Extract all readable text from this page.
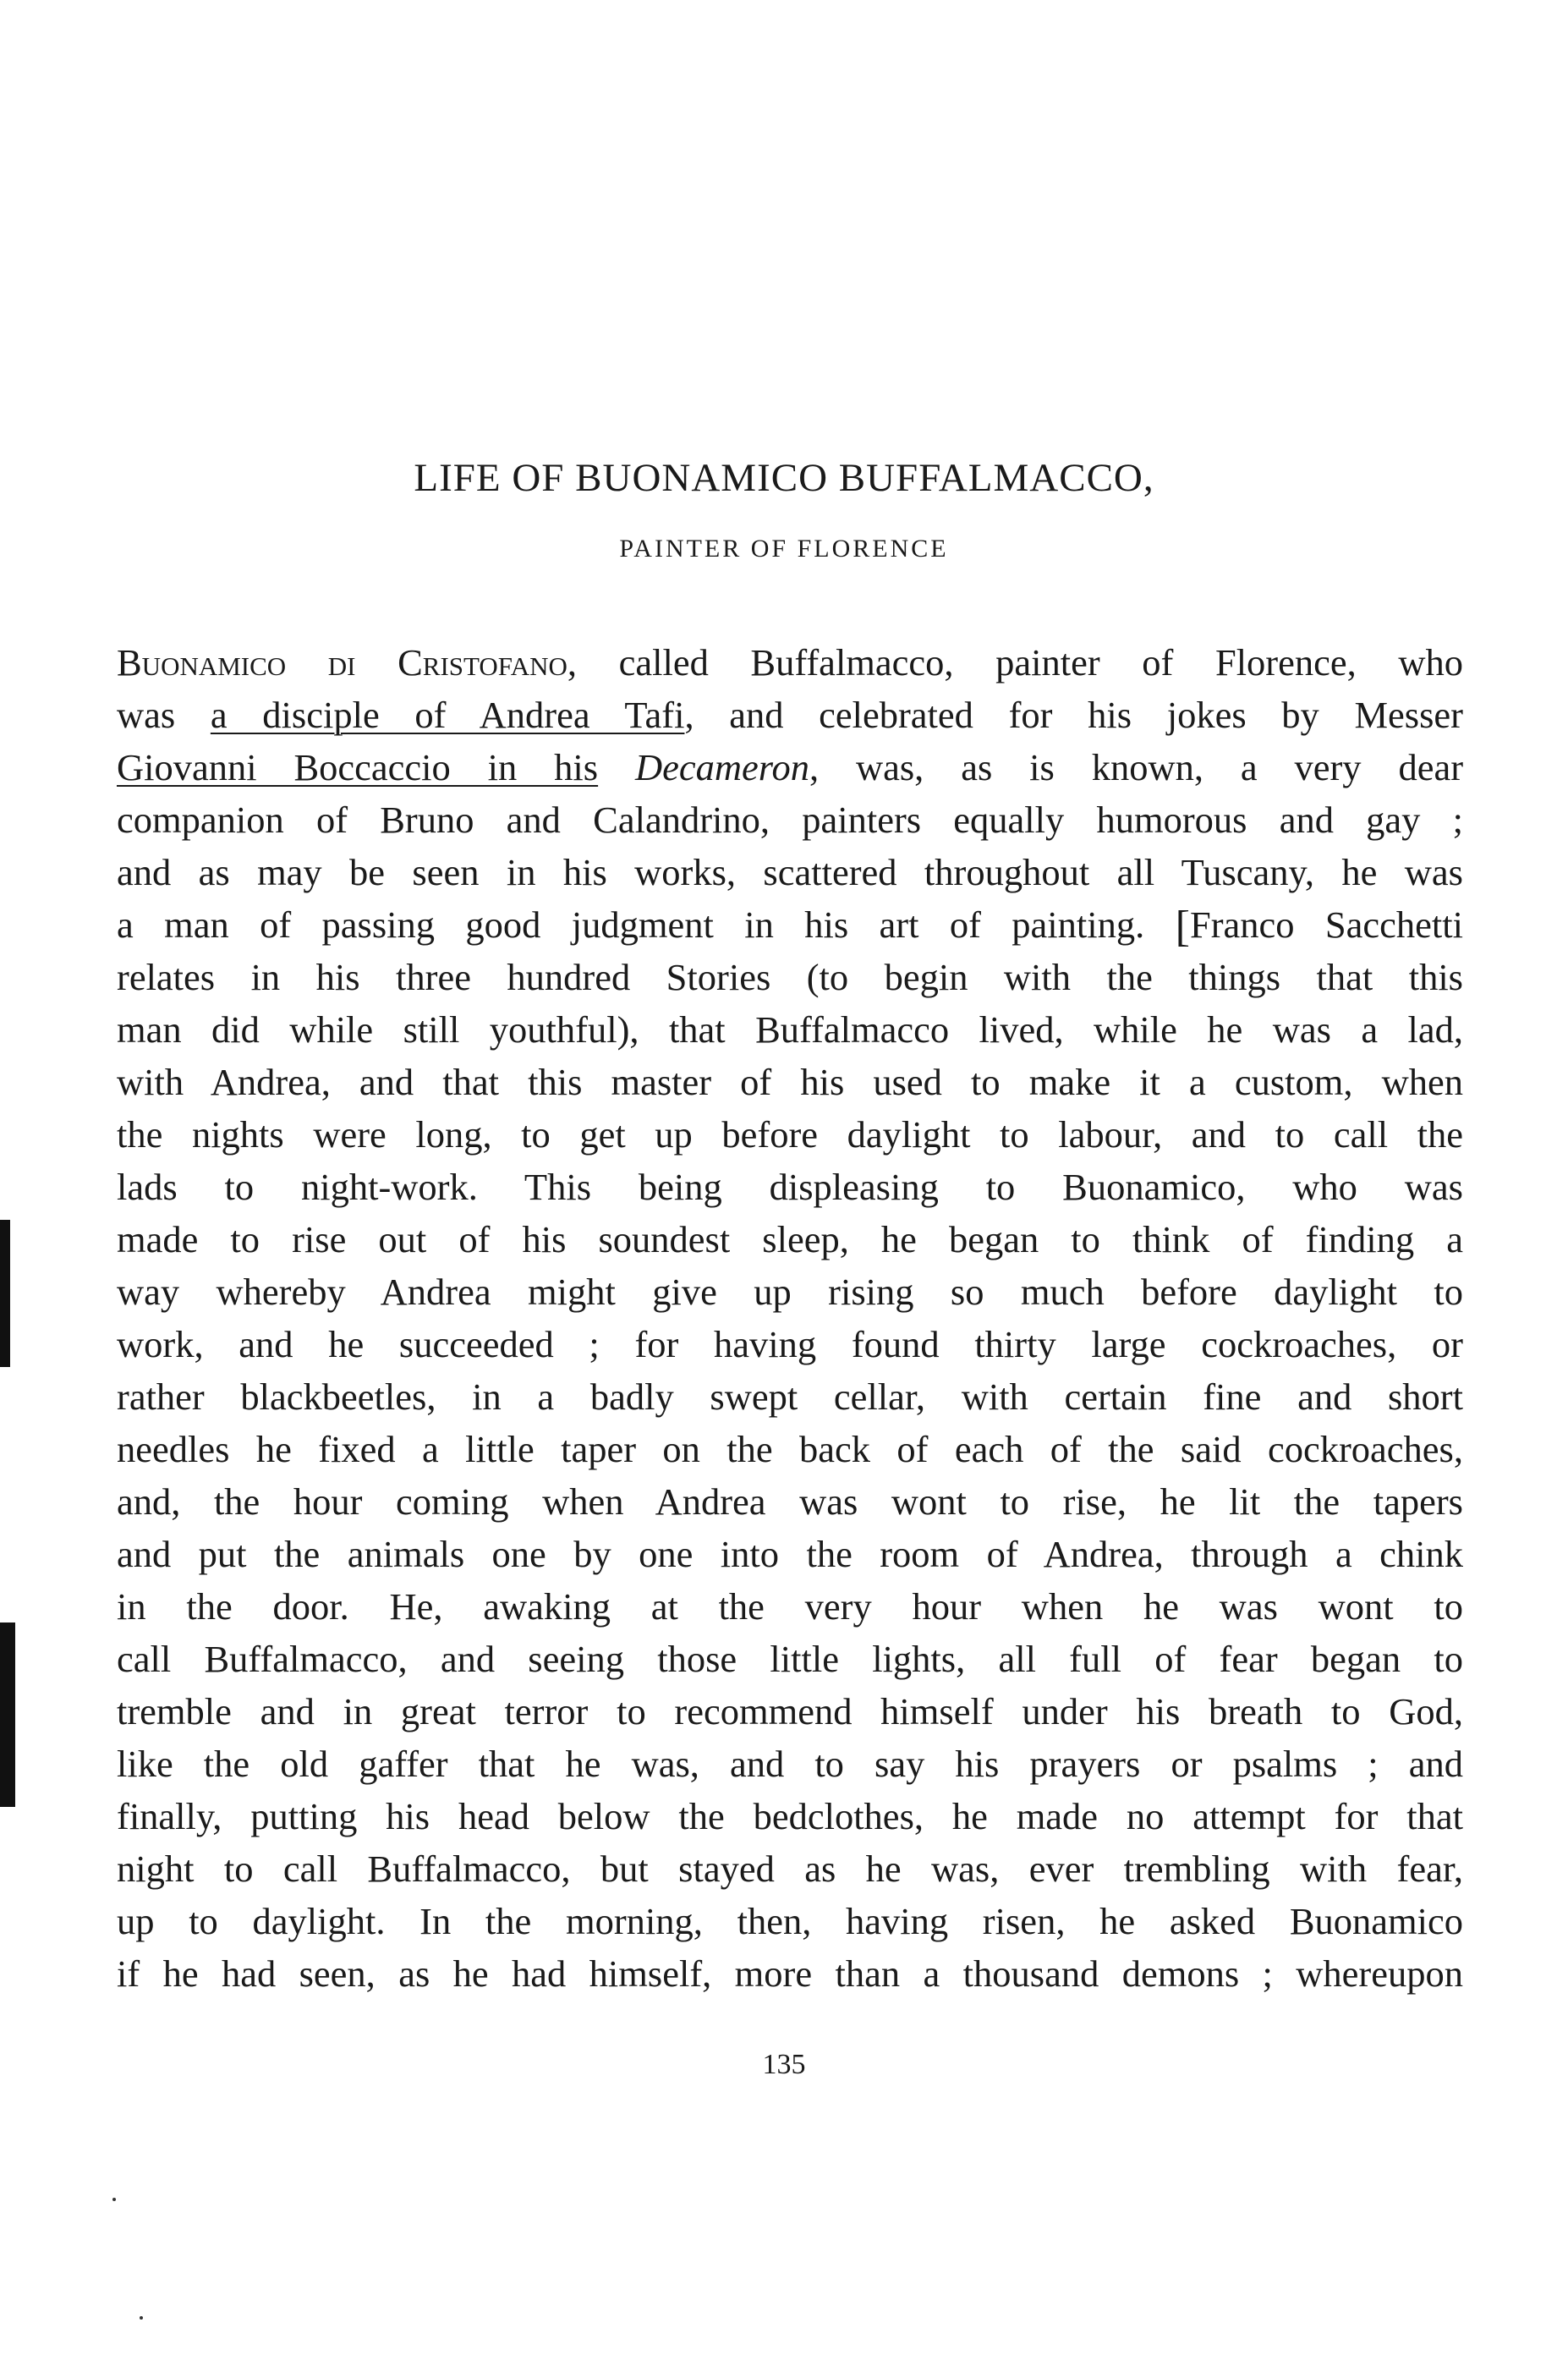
LIFE OF BUONAMICO BUFFALMACCO,
PAINTER OF FLORENCE
Buonamico di Cristofano, called Buffalmacco, painter of Florence, who
was a disciple of Andrea Tafi, and celebrated for his jokes by Messer
Giovanni Boccaccio in his Decameron, was, as is known, a very dear
companion of Bruno and Calandrino, painters equally humorous and gay ;
and as may be seen in his works, scattered throughout all Tuscany, he was
a man of passing good judgment in his art of painting. [Franco Sacchetti
relates in his three hundred Stories (to begin with the things that this
man did while still youthful), that Buffalmacco lived, while he was a lad,
with Andrea, and that this master of his used to make it a custom, when
the nights were long, to get up before daylight to labour, and to call the
lads to night-work. This being displeasing to Buonamico, who was
made to rise out of his soundest sleep, he began to think of finding a
way whereby Andrea might give up rising so much before daylight to
work, and he succeeded ; for having found thirty large cockroaches, or
rather blackbeetles, in a badly swept cellar, with certain fine and short
needles he fixed a little taper on the back of each of the said cockroaches,
and, the hour coming when Andrea was wont to rise, he lit the tapers
and put the animals one by one into the room of Andrea, through a chink
in the door. He, awaking at the very hour when he was wont to
call Buffalmacco, and seeing those little lights, all full of fear began to
tremble and in great terror to recommend himself under his breath to God,
like the old gaffer that he was, and to say his prayers or psalms ; and
finally, putting his head below the bedclothes, he made no attempt for that
night to call Buffalmacco, but stayed as he was, ever trembling with fear,
up to daylight. In the morning, then, having risen, he asked Buonamico
if he had seen, as he had himself, more than a thousand demons ; whereupon

135
